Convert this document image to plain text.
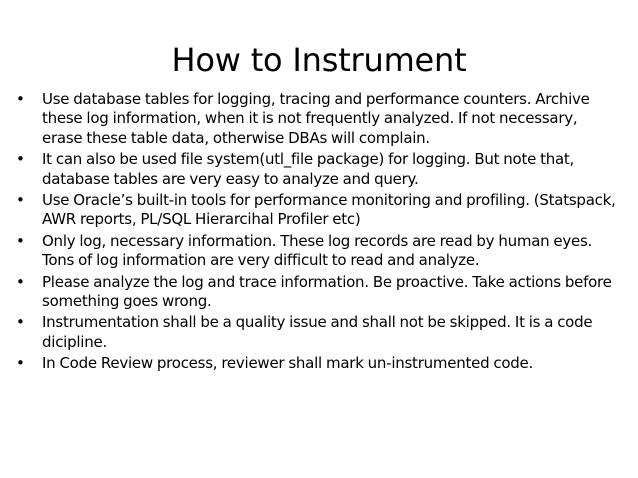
How to Instrument
•	Use database tables for logging, tracing and performance counters. Archive these log information, when it is not frequently analyzed. If not necessary, erase these table data, otherwise DBAs will complain.
•	It can also be used file system(utl_file package) for logging. But note that, database tables are very easy to analyze and query.
•	Use Oracle’s built-in tools for performance monitoring and profiling. (Statspack, AWR reports, PL/SQL Hierarcihal Profiler etc)
•	Only log, necessary information. These log records are read by human eyes. Tons of log information are very difficult to read and analyze.
•	Please analyze the log and trace information. Be proactive. Take actions before something goes wrong.
•	Instrumentation shall be a quality issue and shall not be skipped. It is a code dicipline.
•	In Code Review process, reviewer shall mark un-instrumented code.
